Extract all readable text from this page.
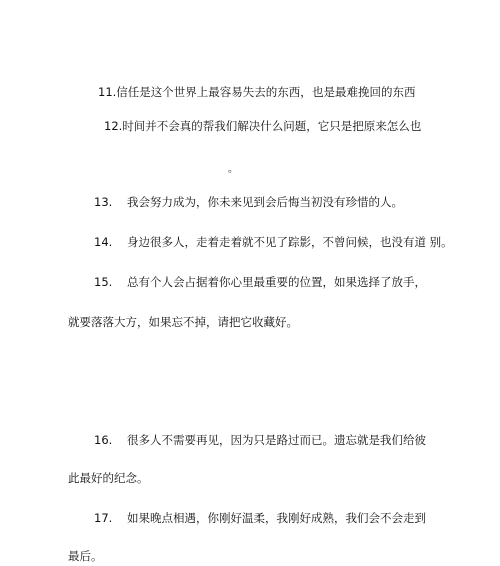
11.信任是这个世界上最容易失去的东西， 也是最难挽回的东西
12.时间并不会真的帮我们解决什么问题，它只是把原来怎么也
。
13. 我会努力成为，你未来见到会后悔当初没有珍惜的人。
14. 身边很多人，走着走着就不见了踪影，不曾问候，也没有道 别。
15. 总有个人会占据着你心里最重要的位置，如果选择了放手，
就要落落大方，如果忘不掉，请把它收藏好。
16. 很多人不需要再见，因为只是路过而已。遗忘就是我们给彼
此最好的纪念。
17. 如果晚点相遇，你刚好温柔，我刚好成熟，我们会不会走到
最后。
